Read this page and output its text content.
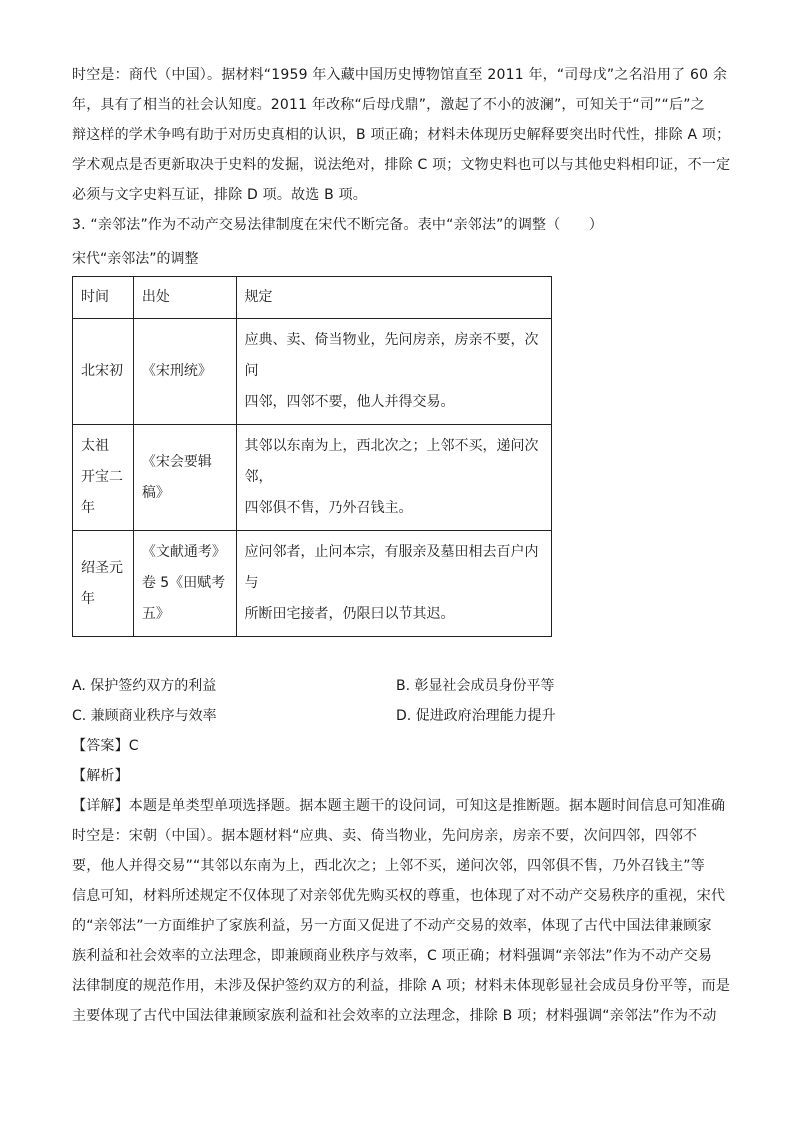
时空是：商代（中国）。据材料“1959 年入藏中国历史博物馆直至 2011 年，“司母戊”之名沿用了 60 余
年，具有了相当的社会认知度。2011 年改称“后母戊鼎”，激起了不小的波澜”，可知关于“司”“后”之
辩这样的学术争鸣有助于对历史真相的认识，B 项正确；材料未体现历史解释要突出时代性，排除 A 项；
学术观点是否更新取决于史料的发掘，说法绝对，排除 C 项；文物史料也可以与其他史料相印证，不一定
必须与文字史料互证，排除 D 项。故选 B 项。
3. “亲邻法”作为不动产交易法律制度在宋代不断完备。表中“亲邻法”的调整（　　）
宋代“亲邻法”的调整
时间	出处	规定

北宋初	《宋刑统》	应典、卖、倚当物业，先问房亲，房亲不要，次问
四邻，四邻不要，他人并得交易。

太祖
开宝二
年	《宋会要辑稿》	其邻以东南为上，西北次之；上邻不买，递问次邻，
四邻俱不售，乃外召钱主。

绍圣元
年	《文献通考》
卷 5《田赋考
五》	应问邻者，止问本宗，有服亲及墓田相去百户内与
所断田宅接者，仍限曰以节其迟。
A. 保护签约双方的利益	B. 彰显社会成员身份平等
C. 兼顾商业秩序与效率	D. 促进政府治理能力提升
【答案】C
【解析】
【详解】本题是单类型单项选择题。据本题主题干的设问词，可知这是推断题。据本题时间信息可知准确
时空是：宋朝（中国）。据本题材料“应典、卖、倚当物业，先问房亲，房亲不要，次问四邻，四邻不
要，他人并得交易”“其邻以东南为上，西北次之；上邻不买，递问次邻，四邻俱不售，乃外召钱主”等
信息可知，材料所述规定不仅体现了对亲邻优先购买权的尊重，也体现了对不动产交易秩序的重视，宋代
的“亲邻法”一方面维护了家族利益，另一方面又促进了不动产交易的效率，体现了古代中国法律兼顾家
族利益和社会效率的立法理念，即兼顾商业秩序与效率，C 项正确；材料强调“亲邻法”作为不动产交易
法律制度的规范作用，未涉及保护签约双方的利益，排除 A 项；材料未体现彰显社会成员身份平等，而是
主要体现了古代中国法律兼顾家族利益和社会效率的立法理念，排除 B 项；材料强调“亲邻法”作为不动
